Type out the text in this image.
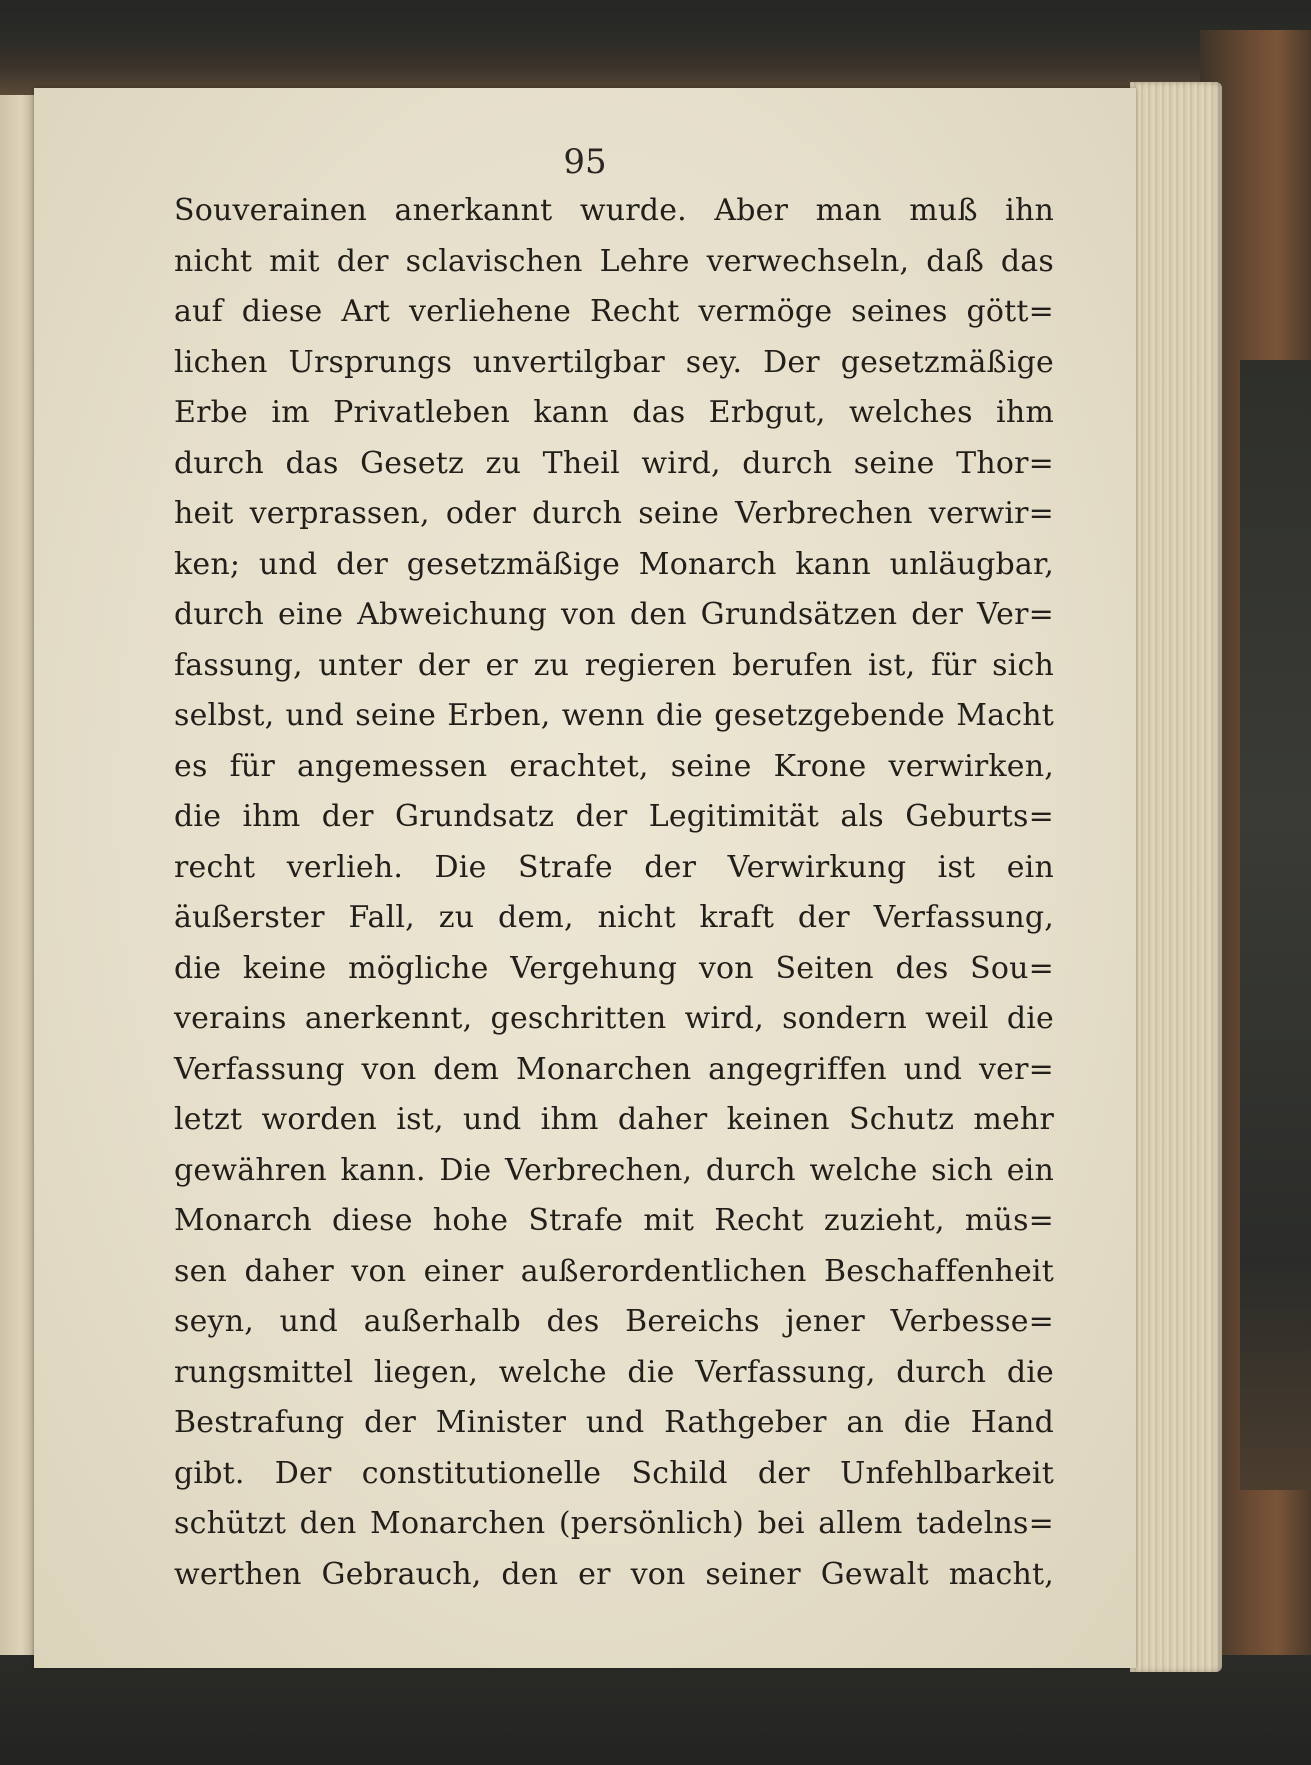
95
Souverainen anerkannt wurde. Aber man muß ihn
nicht mit der sclavischen Lehre verwechseln, daß das
auf diese Art verliehene Recht vermöge seines gött=
lichen Ursprungs unvertilgbar sey. Der gesetzmäßige
Erbe im Privatleben kann das Erbgut, welches ihm
durch das Gesetz zu Theil wird, durch seine Thor=
heit verprassen, oder durch seine Verbrechen verwir=
ken; und der gesetzmäßige Monarch kann unläugbar,
durch eine Abweichung von den Grundsätzen der Ver=
fassung, unter der er zu regieren berufen ist, für sich
selbst, und seine Erben, wenn die gesetzgebende Macht
es für angemessen erachtet, seine Krone verwirken,
die ihm der Grundsatz der Legitimität als Geburts=
recht verlieh. Die Strafe der Verwirkung ist ein
äußerster Fall, zu dem, nicht kraft der Verfassung,
die keine mögliche Vergehung von Seiten des Sou=
verains anerkennt, geschritten wird, sondern weil die
Verfassung von dem Monarchen angegriffen und ver=
letzt worden ist, und ihm daher keinen Schutz mehr
gewähren kann. Die Verbrechen, durch welche sich ein
Monarch diese hohe Strafe mit Recht zuzieht, müs=
sen daher von einer außerordentlichen Beschaffenheit
seyn, und außerhalb des Bereichs jener Verbesse=
rungsmittel liegen, welche die Verfassung, durch die
Bestrafung der Minister und Rathgeber an die Hand
gibt. Der constitutionelle Schild der Unfehlbarkeit
schützt den Monarchen (persönlich) bei allem tadelns=
werthen Gebrauch, den er von seiner Gewalt macht,
